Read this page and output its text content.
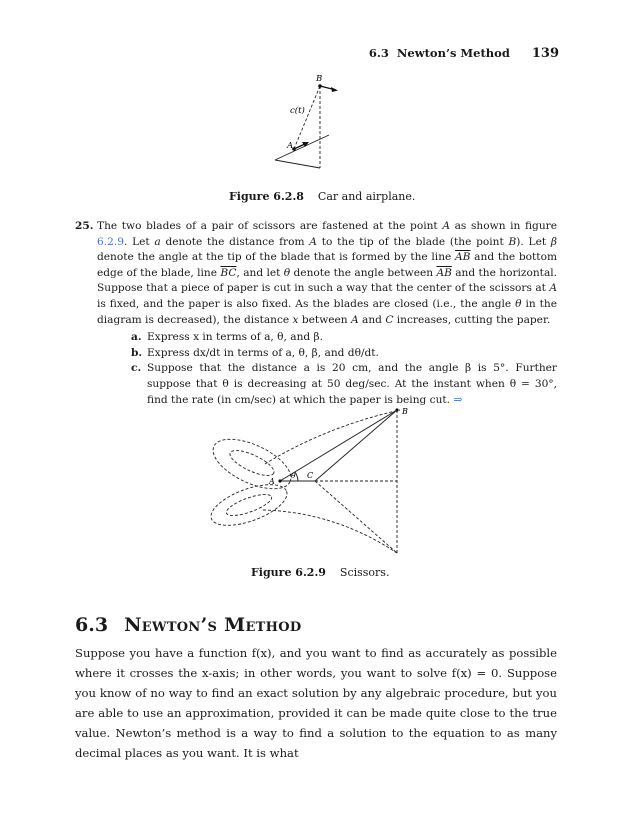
6.3 Newton’s Method 139
B
c(t)
A
Figure 6.2.8 Car and airplane.
25. The two blades of a pair of scissors are fastened at the point A as shown in figure 6.2.9. Let a denote the distance from A to the tip of the blade (the point B). Let β denote the angle at the tip of the blade that is formed by the line $\overline{AB}$ and the bottom edge of the blade, line $\overline{BC}$, and let θ denote the angle between $\overline{AB}$ and the horizontal. Suppose that a piece of paper is cut in such a way that the center of the scissors at A is fixed, and the paper is also fixed. As the blades are closed (i.e., the angle θ in the diagram is decreased), the distance x between A and C increases, cutting the paper.
a. Express x in terms of a, θ, and β.
b. Express dx/dt in terms of a, θ, β, and dθ/dt.
c. Suppose that the distance a is 20 cm, and the angle β is 5°. Further suppose that θ is decreasing at 50 deg/sec. At the instant when θ = 30°, find the rate (in cm/sec) at which the paper is being cut. ⇒
B
A
θ C
Figure 6.2.9 Scissors.
6.3 Newton’s Method
Suppose you have a function f(x), and you want to find as accurately as possible where it crosses the x-axis; in other words, you want to solve f(x) = 0. Suppose you know of no way to find an exact solution by any algebraic procedure, but you are able to use an approximation, provided it can be made quite close to the true value. Newton’s method is a way to find a solution to the equation to as many decimal places as you want. It is what
